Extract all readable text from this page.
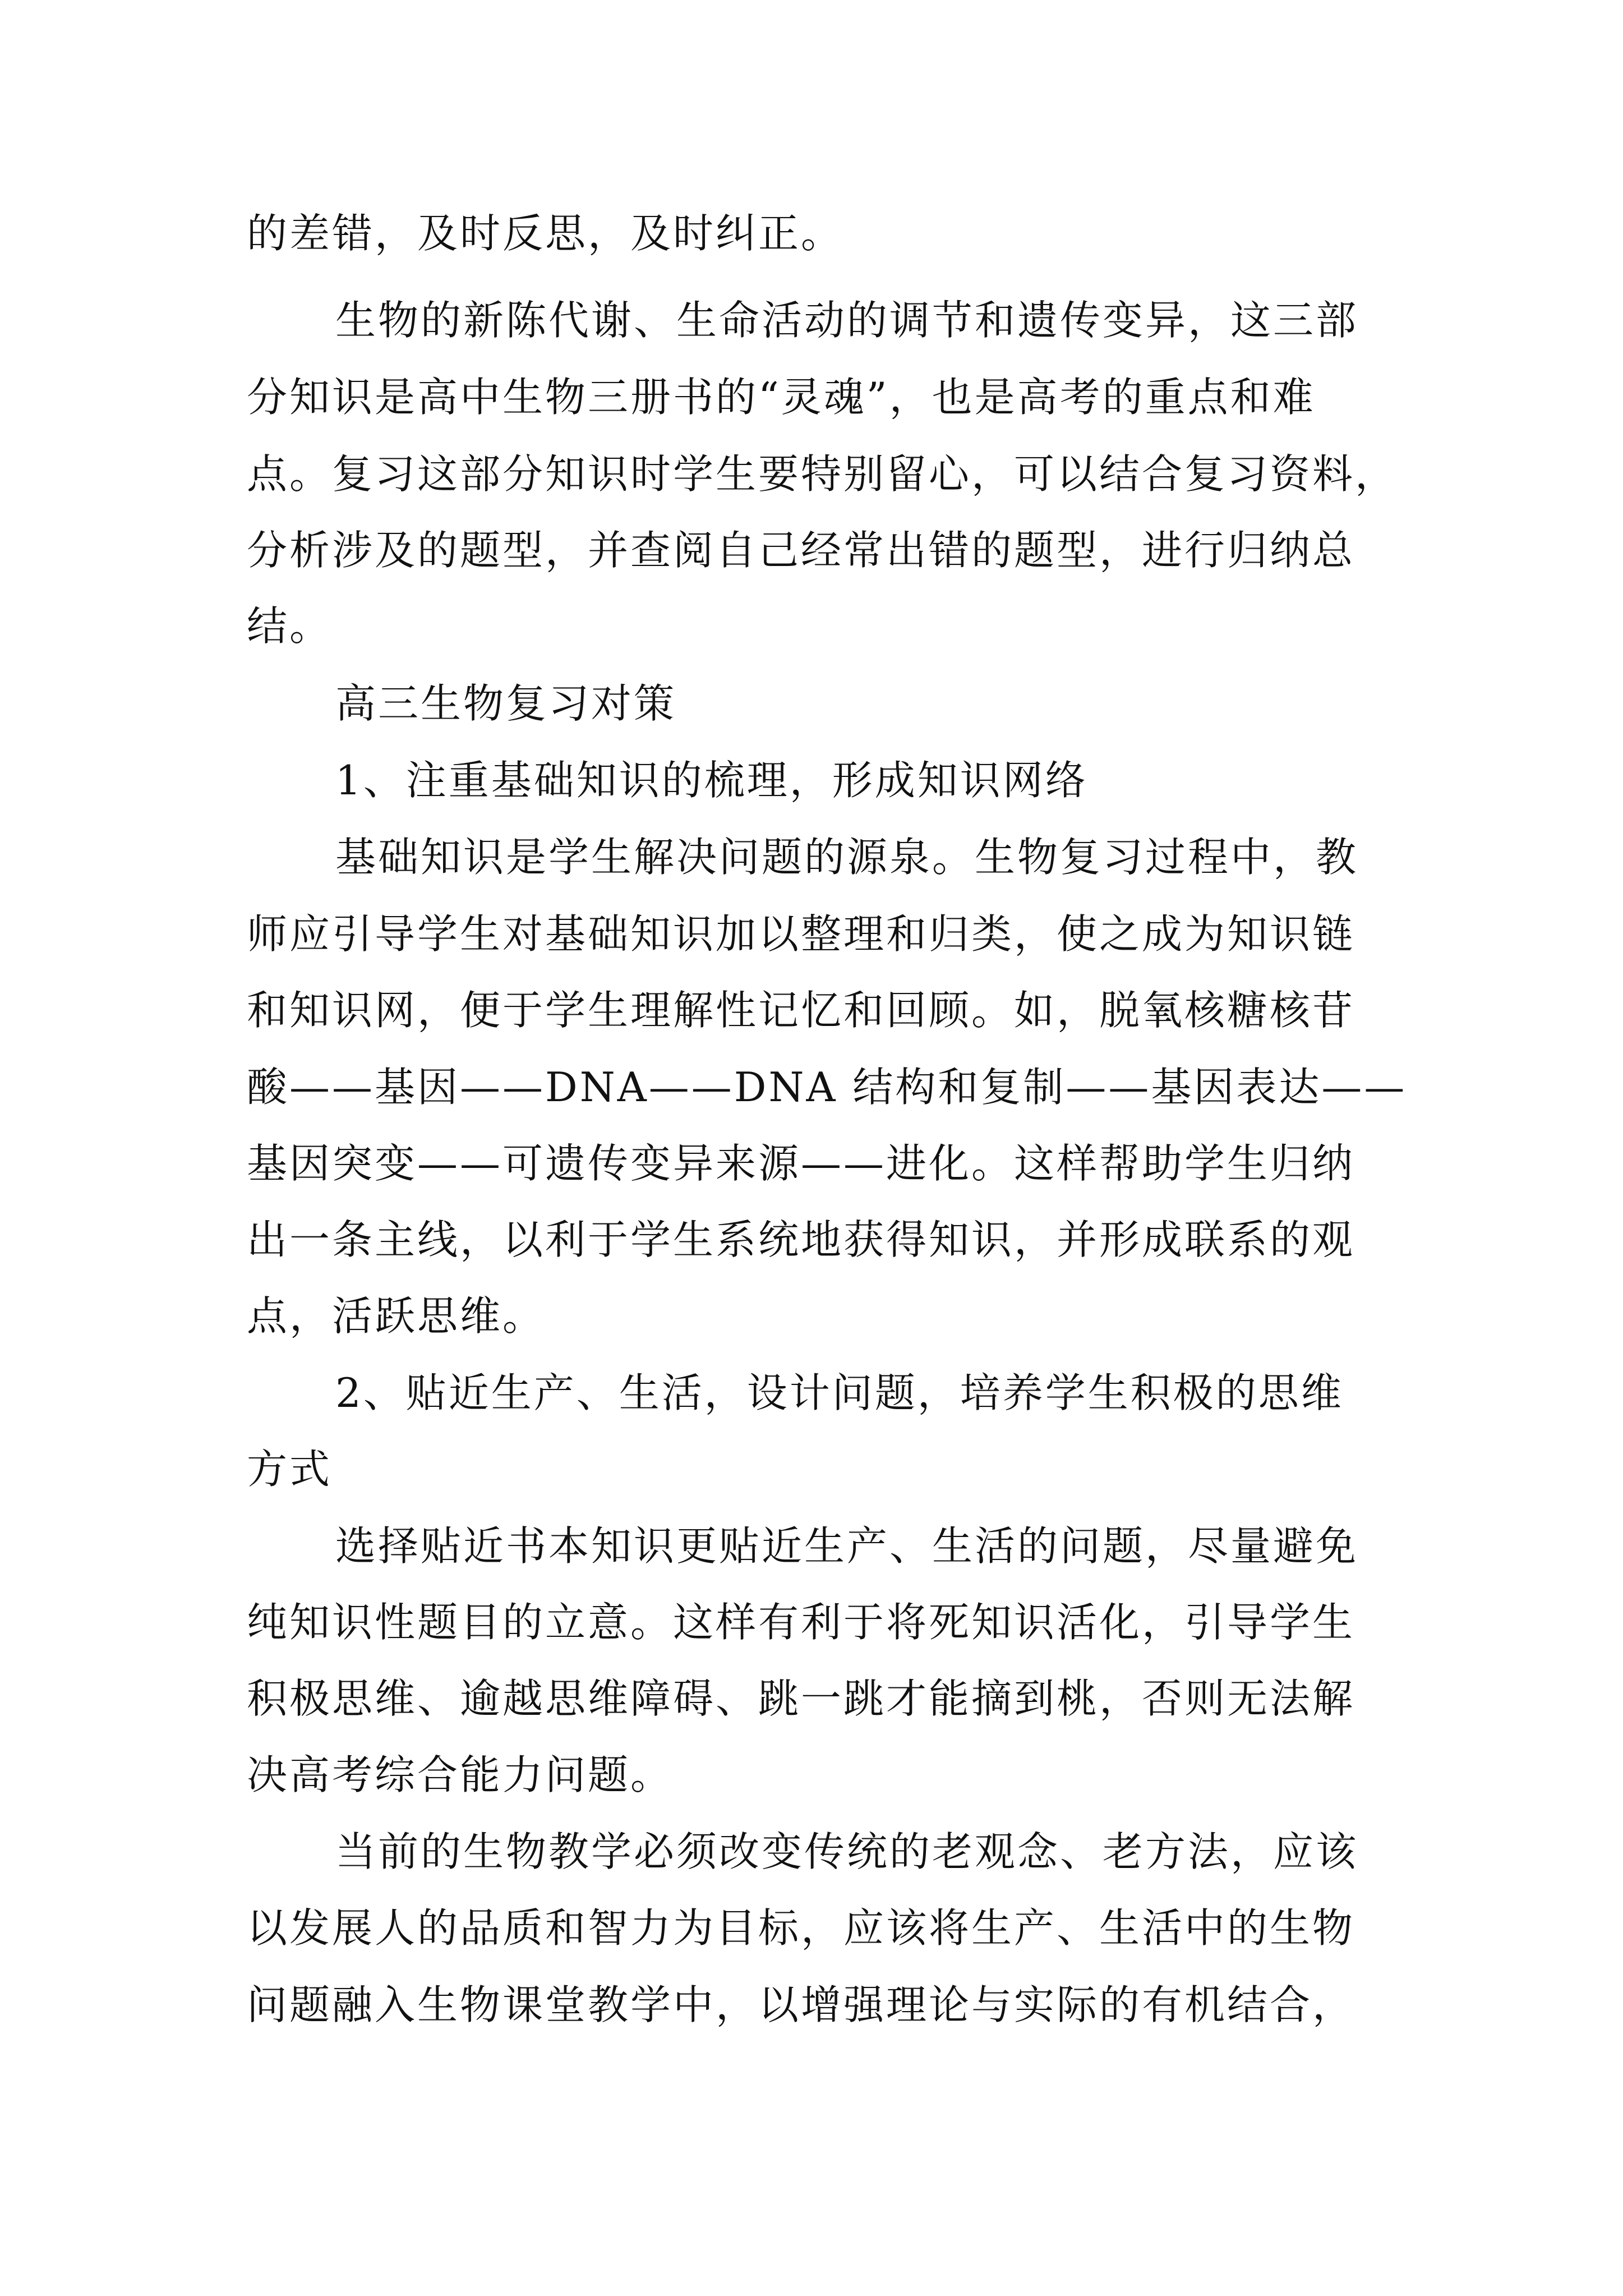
的差错，及时反思，及时纠正。
生物的新陈代谢、生命活动的调节和遗传变异，这三部
分知识是高中生物三册书的“灵魂”，也是高考的重点和难
点。复习这部分知识时学生要特别留心，可以结合复习资料，
分析涉及的题型，并查阅自己经常出错的题型，进行归纳总
结。
高三生物复习对策
1、注重基础知识的梳理，形成知识网络
基础知识是学生解决问题的源泉。生物复习过程中，教
师应引导学生对基础知识加以整理和归类，使之成为知识链
和知识网，便于学生理解性记忆和回顾。如，脱氧核糖核苷
酸——基因——DNA——DNA 结构和复制——基因表达——
基因突变——可遗传变异来源——进化。这样帮助学生归纳
出一条主线，以利于学生系统地获得知识，并形成联系的观
点，活跃思维。
2、贴近生产、生活，设计问题，培养学生积极的思维
方式
选择贴近书本知识更贴近生产、生活的问题，尽量避免
纯知识性题目的立意。这样有利于将死知识活化，引导学生
积极思维、逾越思维障碍、跳一跳才能摘到桃，否则无法解
决高考综合能力问题。
当前的生物教学必须改变传统的老观念、老方法，应该
以发展人的品质和智力为目标，应该将生产、生活中的生物
问题融入生物课堂教学中，以增强理论与实际的有机结合，
